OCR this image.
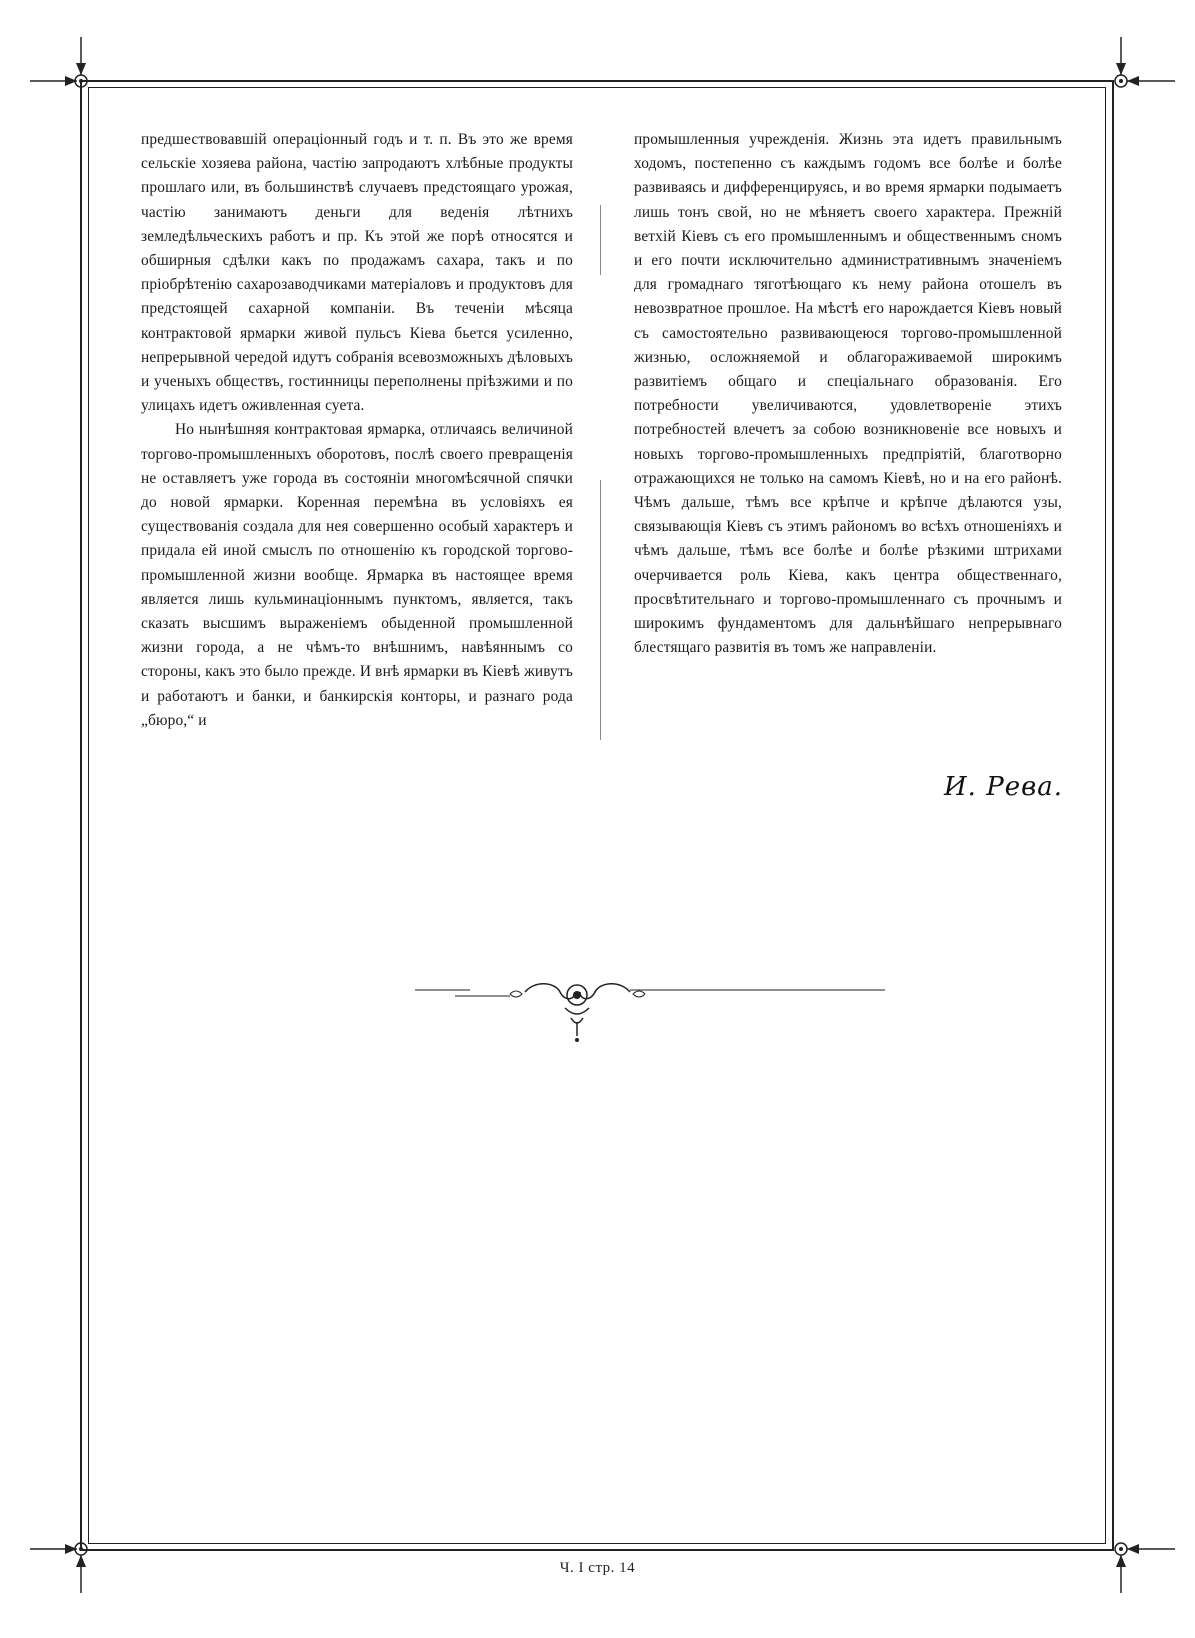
предшествовавшій операціонный годъ и т. п. Въ это же время сельскіе хозяева района, частію запродаютъ хлѣбные продукты прошлаго или, въ большинствѣ случаевъ предстоящаго урожая, частію занимаютъ деньги для веденія лѣтнихъ земледѣльческихъ работъ и пр. Къ этой же порѣ относятся и обширныя сдѣлки какъ по продажамъ сахара, такъ и по пріобрѣтенію сахарозаводчиками матеріаловъ и продуктовъ для предстоящей сахарной компаніи. Въ теченіи мѣсяца контрактовой ярмарки живой пульсъ Кіева бьется усиленно, непрерывной чередой идутъ собранія всевозможныхъ дѣловыхъ и ученыхъ обществъ, гостинницы переполнены пріѣзжими и по улицахъ идетъ оживленная суета.

Но нынѣшняя контрактовая ярмарка, отличаясь величиной торгово-промышленныхъ оборотовъ, послѣ своего превращенія не оставляетъ уже города въ состояніи многомѣсячной спячки до новой ярмарки. Коренная перемѣна въ условіяхъ ея существованія создала для нея совершенно особый характеръ и придала ей иной смыслъ по отношенію къ городской торгово-промышленной жизни вообще. Ярмарка въ настоящее время является лишь кульминаціоннымъ пунктомъ, является, такъ сказать высшимъ выраженіемъ обыденной промышленной жизни города, а не чѣмъ-то внѣшнимъ, навѣяннымъ со стороны, какъ это было прежде. И внѣ ярмарки въ Кіевѣ живутъ и работаютъ и банки, и банкирскія конторы, и разнаго рода „бюро,“ и

промышленныя учрежденія. Жизнь эта идетъ правильнымъ ходомъ, постепенно съ каждымъ годомъ все болѣе и болѣе развиваясь и дифференцируясь, и во время ярмарки подымаетъ лишь тонъ свой, но не мѣняетъ своего характера. Прежній ветхій Кіевъ съ его промышленнымъ и общественнымъ сномъ и его почти исключительно административнымъ значеніемъ для громаднаго тяготѣющаго къ нему района отошелъ въ невозвратное прошлое. На мѣстѣ его нарождается Кіевъ новый съ самостоятельно развивающеюся торгово-промышленной жизнью, осложняемой и облагораживаемой широкимъ развитіемъ общаго и спеціальнаго образованія. Его потребности увеличиваются, удовлетвореніе этихъ потребностей влечетъ за собою возникновеніе все новыхъ и новыхъ торгово-промышленныхъ предпріятій, благотворно отражающихся не только на самомъ Кіевѣ, но и на его районѣ. Чѣмъ дальше, тѣмъ все крѣпче и крѣпче дѣлаются узы, связывающія Кіевъ съ этимъ райономъ во всѣхъ отношеніяхъ и чѣмъ дальше, тѣмъ все болѣе и болѣе рѣзкими штрихами очерчивается роль Кіева, какъ центра общественнаго, просвѣтительнаго и торгово-промышленнаго съ прочнымъ и широкимъ фундаментомъ для дальнѣйшаго непрерывнаго блестящаго развитія въ томъ же направленіи.

И. Рева.
Ч. I стр. 14
